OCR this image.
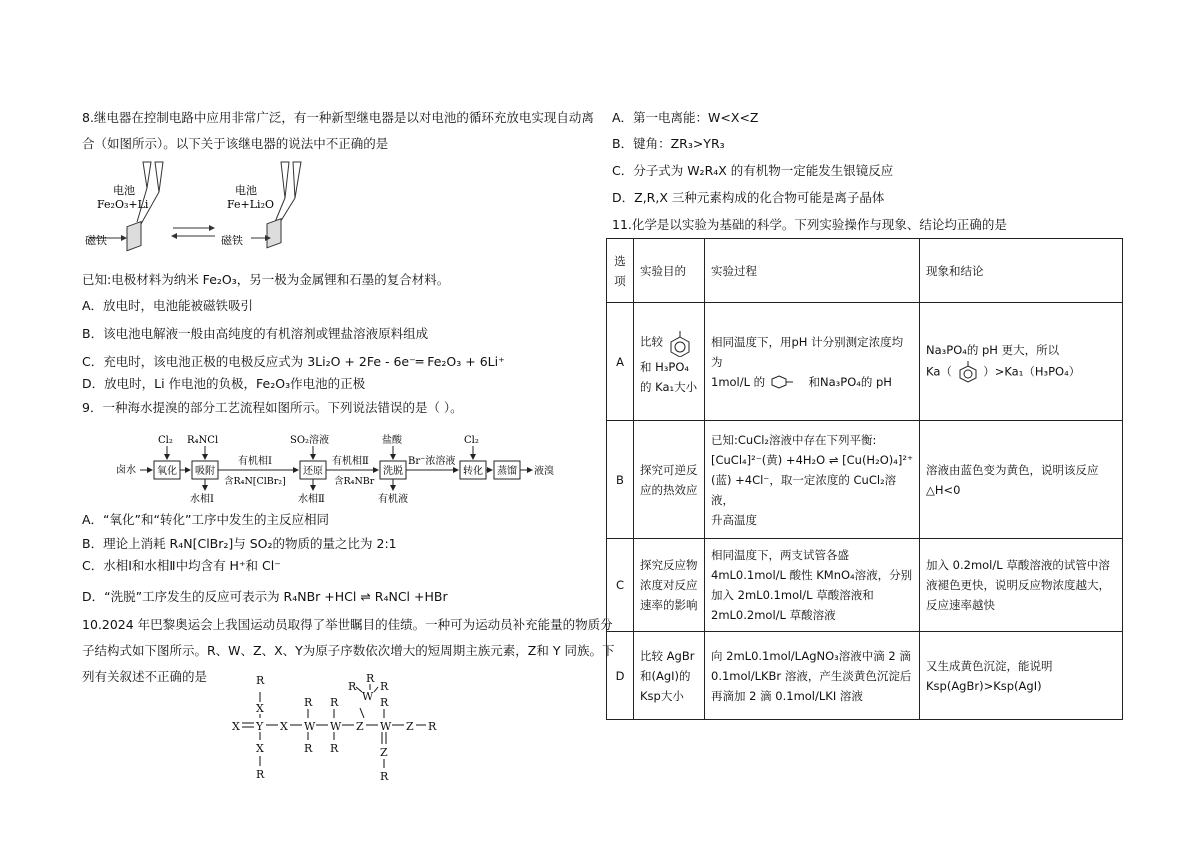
8.继电器在控制电路中应用非常广泛，有一种新型继电器是以对电池的循环充放电实现自动离
合（如图所示）。以下关于该继电器的说法中不正确的是
电池
Fe₂O₃+Li
磁铁
电池
Fe+Li₂O
磁铁
已知:电极材料为纳米 Fe₂O₃，另一极为金属锂和石墨的复合材料。
A．放电时，电池能被磁铁吸引
B．该电池电解液一般由高纯度的有机溶剂或锂盐溶液原料组成
C．充电时，该电池正极的电极反应式为 3Li₂O + 2Fe - 6e⁻═ Fe₂O₃ + 6Li⁺
D．放电时，Li 作电池的负极，Fe₂O₃作电池的正极
9．一种海水提溴的部分工艺流程如图所示。下列说法错误的是（ ）。
卤水 氧化
Cl₂
吸附
R₄NCl
水相Ⅰ
有机相Ⅰ
含R₄N[ClBr₂]
还原
SO₂溶液
水相Ⅱ
有机相Ⅱ
含R₄NBr
洗脱
盐酸
有机液
Br⁻浓溶液
转化
Cl₂
蒸馏 液溴
A．“氧化”和“转化”工序中发生的主反应相同
B．理论上消耗 R₄N[ClBr₂]与 SO₂的物质的量之比为 2:1
C．水相Ⅰ和水相Ⅱ中均含有 H⁺和 Cl⁻
D．“洗脱”工序发生的反应可表示为 R₄NBr +HCl ⇌ R₄NCl +HBr
10.2024 年巴黎奥运会上我国运动员取得了举世瞩目的佳绩。一种可为运动员补充能量的物质分
子结构式如下图所示。R、W、Z、X、Y为原子序数依次增大的短周期主族元素，Z和 Y 同族。下
列有关叙述不正确的是
X Y X W W Z W Z R
X
R
X
R
R
R
R
R
W
R
R
R
R
Z
R
A．第一电离能：W<X<Z
B．键角：ZR₃>YR₃
C．分子式为 W₂R₄X 的有机物一定能发生银镜反应
D．Z,R,X 三种元素构成的化合物可能是离子晶体
11.化学是以实验为基础的科学。下列实验操作与现象、结论均正确的是
选项	实验目的	实验过程	现象和结论
A	比较  和 H₃PO₄的 Ka₁大小	相同温度下，用pH 计分别测定浓度均为
1mol/L 的 和Na₃PO₄的 pH	Na₃PO₄的 pH 更大，所以
Ka（ ）>Ka₁（H₃PO₄）
B	探究可逆反应的热效应	已知:CuCl₂溶液中存在下列平衡:
[CuCl₄]²⁻(黄) +4H₂O ⇌ [Cu(H₂O)₄]²⁺
(蓝) +4Cl⁻，取一定浓度的 CuCl₂溶液，
升高温度	溶液由蓝色变为黄色，说明该反应△H<0
C	探究反应物浓度对反应速率的影响	相同温度下，两支试管各盛 4mL0.1mol/L 酸性 KMnO₄溶液，分别加入 2mL0.1mol/L 草酸溶液和 2mL0.2mol/L 草酸溶液	加入 0.2mol/L 草酸溶液的试管中溶液褪色更快，说明反应物浓度越大，反应速率越快
D	比较 AgBr 和(AgI)的 Ksp大小	向 2mL0.1mol/LAgNO₃溶液中滴 2 滴 0.1mol/LKBr 溶液，产生淡黄色沉淀后再滴加 2 滴 0.1mol/LKI 溶液	又生成黄色沉淀，能说明
Ksp(AgBr)>Ksp(AgI)
